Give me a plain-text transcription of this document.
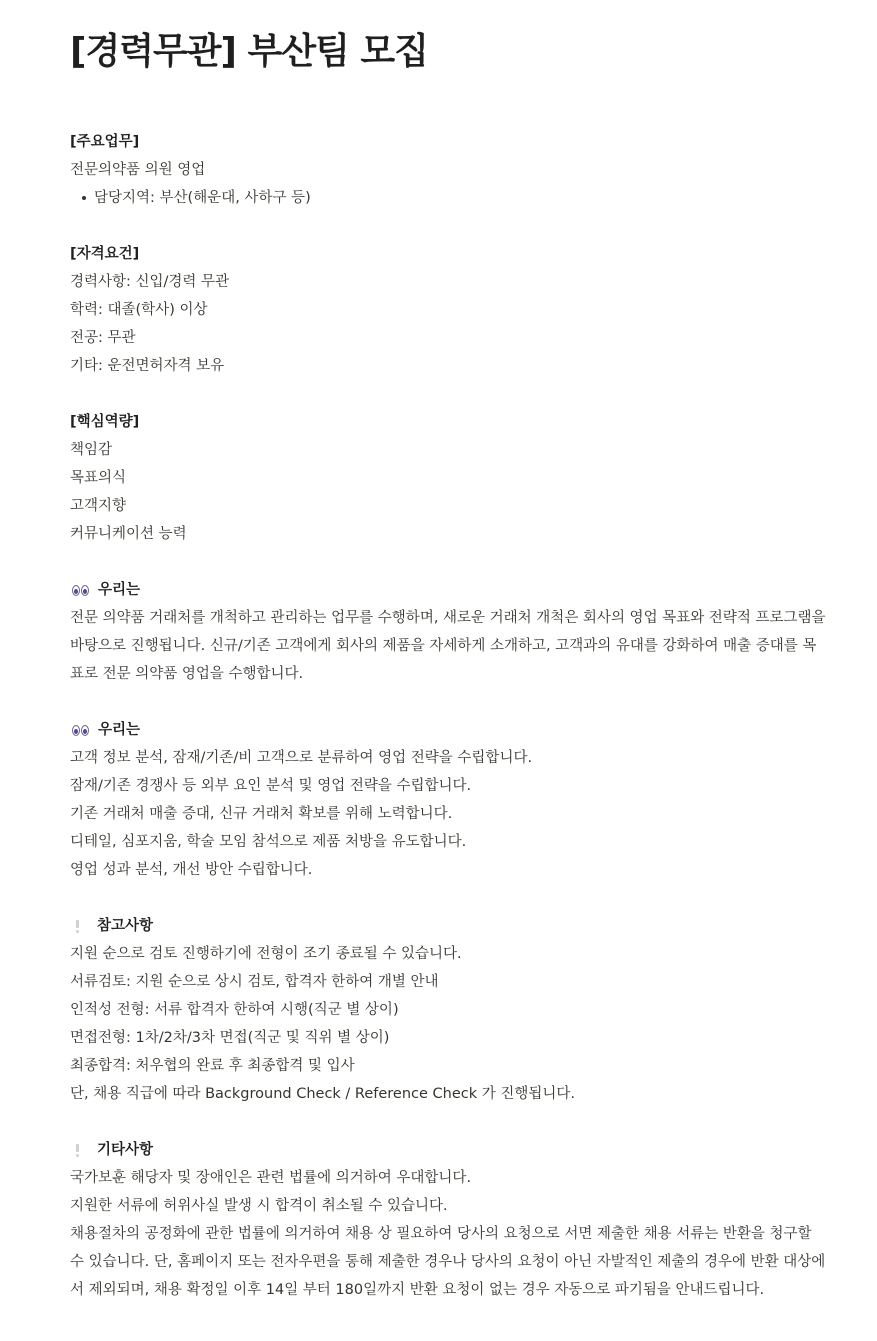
[경력무관] 부산팀 모집
[주요업무]
전문의약품 의원 영업
담당지역: 부산(해운대, 사하구 등)
[자격요건]
경력사항: 신입/경력 무관
학력: 대졸(학사) 이상
전공: 무관
기타: 운전면허자격 보유
[핵심역량]
책임감
목표의식
고객지향
커뮤니케이션 능력
우리는
전문 의약품 거래처를 개척하고 관리하는 업무를 수행하며, 새로운 거래처 개척은 회사의 영업 목표와 전략적 프로그램을 바탕으로 진행됩니다. 신규/기존 고객에게 회사의 제품을 자세하게 소개하고, 고객과의 유대를 강화하여 매출 증대를 목표로 전문 의약품 영업을 수행합니다.
우리는
고객 정보 분석, 잠재/기존/비 고객으로 분류하여 영업 전략을 수립합니다.
잠재/기존 경쟁사 등 외부 요인 분석 및 영업 전략을 수립합니다.
기존 거래처 매출 증대, 신규 거래처 확보를 위해 노력합니다.
디테일, 심포지움, 학술 모임 참석으로 제품 처방을 유도합니다.
영업 성과 분석, 개선 방안 수립합니다.
참고사항
지원 순으로 검토 진행하기에 전형이 조기 종료될 수 있습니다.
서류검토: 지원 순으로 상시 검토, 합격자 한하여 개별 안내
인적성 전형: 서류 합격자 한하여 시행(직군 별 상이)
면접전형: 1차/2차/3차 면접(직군 및 직위 별 상이)
최종합격: 처우협의 완료 후 최종합격 및 입사
단, 채용 직급에 따라 Background Check / Reference Check 가 진행됩니다.
기타사항
국가보훈 해당자 및 장애인은 관련 법률에 의거하여 우대합니다.
지원한 서류에 허위사실 발생 시 합격이 취소될 수 있습니다.
채용절차의 공정화에 관한 법률에 의거하여 채용 상 필요하여 당사의 요청으로 서면 제출한 채용 서류는 반환을 청구할 수 있습니다. 단, 홈페이지 또는 전자우편을 통해 제출한 경우나 당사의 요청이 아닌 자발적인 제출의 경우에 반환 대상에서 제외되며, 채용 확정일 이후 14일 부터 180일까지 반환 요청이 없는 경우 자동으로 파기됨을 안내드립니다.
